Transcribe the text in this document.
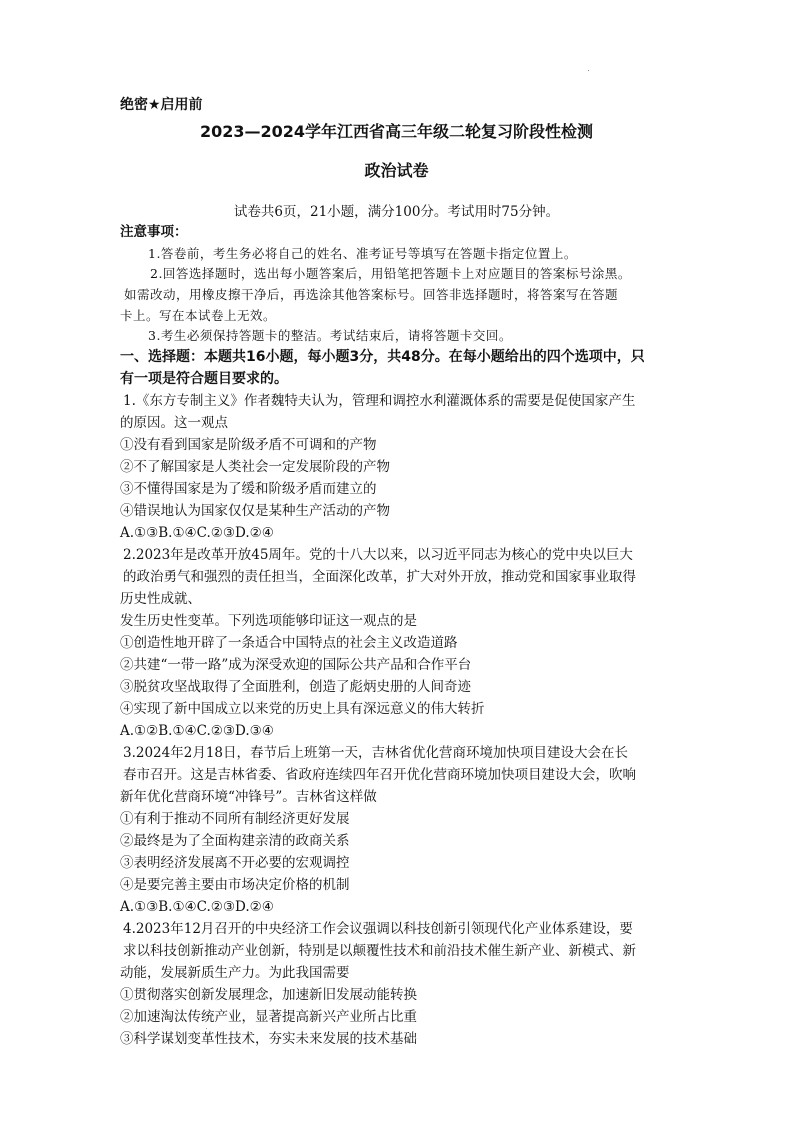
绝密★启用前
2023—2024学年江西省高三年级二轮复习阶段性检测
政治试卷
试卷共6页，21小题，满分100分。考试用时75分钟。
注意事项：
1.答卷前，考生务必将自己的姓名、准考证号等填写在答题卡指定位置上。
2.回答选择题时，选出每小题答案后，用铅笔把答题卡上对应题目的答案标号涂黑。
如需改动，用橡皮擦干净后，再选涂其他答案标号。回答非选择题时，将答案写在答题
卡上。写在本试卷上无效。
3.考生必须保持答题卡的整洁。考试结束后，请将答题卡交回。
一、选择题：本题共16小题，每小题3分，共48分。在每小题给出的四个选项中，只
有一项是符合题目要求的。
1.《东方专制主义》作者魏特夫认为，管理和调控水利灌溉体系的需要是促使国家产生
的原因。这一观点
①没有看到国家是阶级矛盾不可调和的产物
②不了解国家是人类社会一定发展阶段的产物
③不懂得国家是为了缓和阶级矛盾而建立的
④错误地认为国家仅仅是某种生产活动的产物
A.①③B.①④C.②③D.②④
2.2023年是改革开放45周年。党的十八大以来，以习近平同志为核心的党中央以巨大
的政治勇气和强烈的责任担当，全面深化改革，扩大对外开放，推动党和国家事业取得
历史性成就、
发生历史性变革。下列选项能够印证这一观点的是
①创造性地开辟了一条适合中国特点的社会主义改造道路
②共建“一带一路”成为深受欢迎的国际公共产品和合作平台
③脱贫攻坚战取得了全面胜利，创造了彪炳史册的人间奇迹
④实现了新中国成立以来党的历史上具有深远意义的伟大转折
A.①②B.①④C.②③D.③④
3.2024年2月18日，春节后上班第一天，吉林省优化营商环境加快项目建设大会在长
春市召开。这是吉林省委、省政府连续四年召开优化营商环境加快项目建设大会，吹响
新年优化营商环境“冲锋号”。吉林省这样做
①有利于推动不同所有制经济更好发展
②最终是为了全面构建亲清的政商关系
③表明经济发展离不开必要的宏观调控
④是要完善主要由市场决定价格的机制
A.①③B.①④C.②③D.②④
4.2023年12月召开的中央经济工作会议强调以科技创新引领现代化产业体系建设，要
求以科技创新推动产业创新，特别是以颠覆性技术和前沿技术催生新产业、新模式、新
动能，发展新质生产力。为此我国需要
①贯彻落实创新发展理念，加速新旧发展动能转换
②加速淘汰传统产业，显著提高新兴产业所占比重
③科学谋划变革性技术，夯实未来发展的技术基础
